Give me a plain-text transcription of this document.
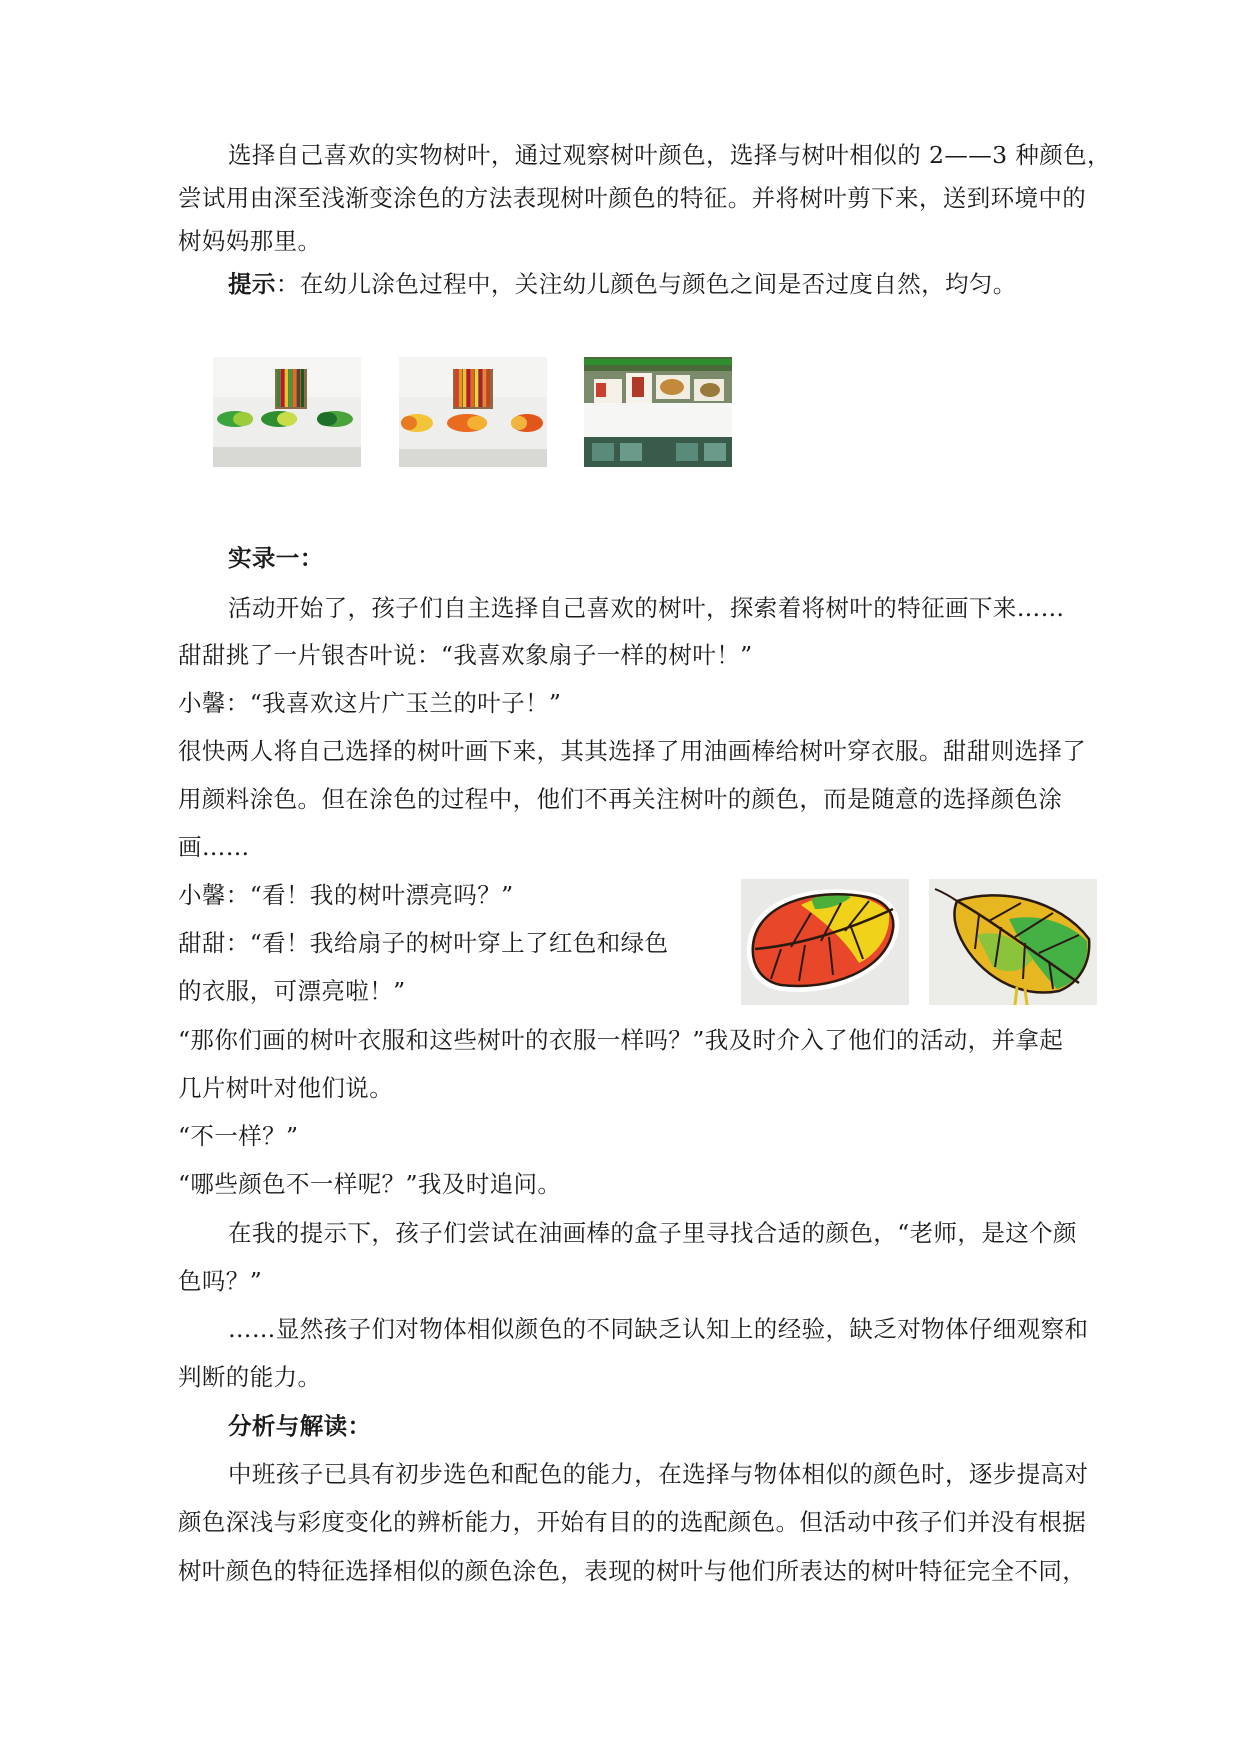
选择自己喜欢的实物树叶，通过观察树叶颜色，选择与树叶相似的 2——3 种颜色，
尝试用由深至浅渐变涂色的方法表现树叶颜色的特征。并将树叶剪下来，送到环境中的
树妈妈那里。
提示：在幼儿涂色过程中，关注幼儿颜色与颜色之间是否过度自然，均匀。
实录一：
活动开始了，孩子们自主选择自己喜欢的树叶，探索着将树叶的特征画下来……
甜甜挑了一片银杏叶说：“我喜欢象扇子一样的树叶！”
小馨：“我喜欢这片广玉兰的叶子！”
很快两人将自己选择的树叶画下来，其其选择了用油画棒给树叶穿衣服。甜甜则选择了
用颜料涂色。但在涂色的过程中，他们不再关注树叶的颜色，而是随意的选择颜色涂
画……
小馨：“看！我的树叶漂亮吗？”
甜甜：“看！我给扇子的树叶穿上了红色和绿色
的衣服，可漂亮啦！”
“那你们画的树叶衣服和这些树叶的衣服一样吗？”我及时介入了他们的活动，并拿起
几片树叶对他们说。
“不一样？”
“哪些颜色不一样呢？”我及时追问。
在我的提示下，孩子们尝试在油画棒的盒子里寻找合适的颜色，“老师，是这个颜
色吗？”
……显然孩子们对物体相似颜色的不同缺乏认知上的经验，缺乏对物体仔细观察和
判断的能力。
分析与解读：
中班孩子已具有初步选色和配色的能力，在选择与物体相似的颜色时，逐步提高对
颜色深浅与彩度变化的辨析能力，开始有目的的选配颜色。但活动中孩子们并没有根据
树叶颜色的特征选择相似的颜色涂色，表现的树叶与他们所表达的树叶特征完全不同，
